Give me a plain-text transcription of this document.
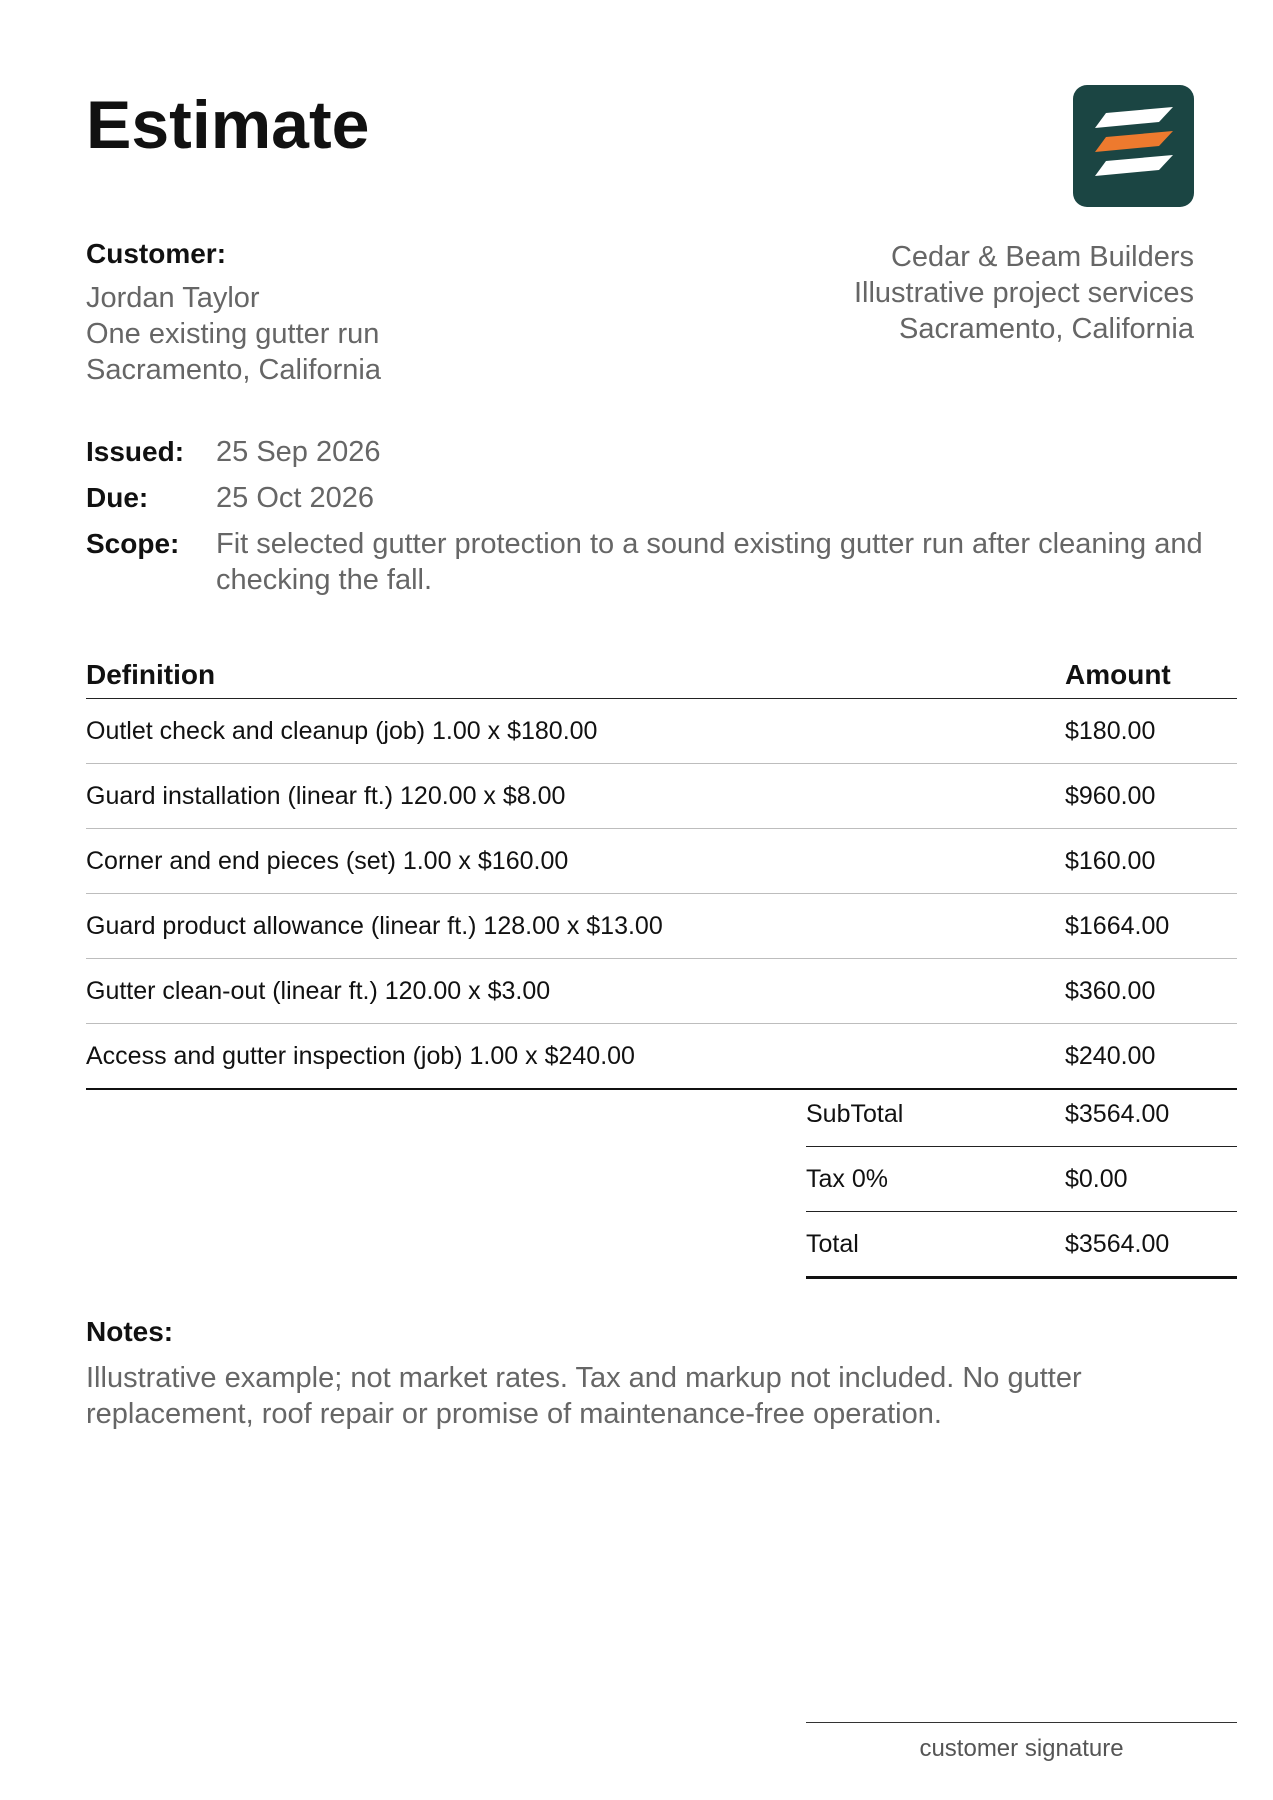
Estimate
Customer:
Jordan Taylor
One existing gutter run
Sacramento, California
Cedar & Beam Builders
Illustrative project services
Sacramento, California
Issued:	25 Sep 2026
Due:	25 Oct 2026
Scope:	Fit selected gutter protection to a sound existing gutter run after cleaning and checking the fall.
Definition	Amount
Outlet check and cleanup (job) 1.00 x $180.00	$180.00
Guard installation (linear ft.) 120.00 x $8.00	$960.00
Corner and end pieces (set) 1.00 x $160.00	$160.00
Guard product allowance (linear ft.) 128.00 x $13.00	$1664.00
Gutter clean-out (linear ft.) 120.00 x $3.00	$360.00
Access and gutter inspection (job) 1.00 x $240.00	$240.00
SubTotal	$3564.00
Tax 0%	$0.00
Total	$3564.00
Notes:
Illustrative example; not market rates. Tax and markup not included. No gutter replacement, roof repair or promise of maintenance-free operation.
customer signature
